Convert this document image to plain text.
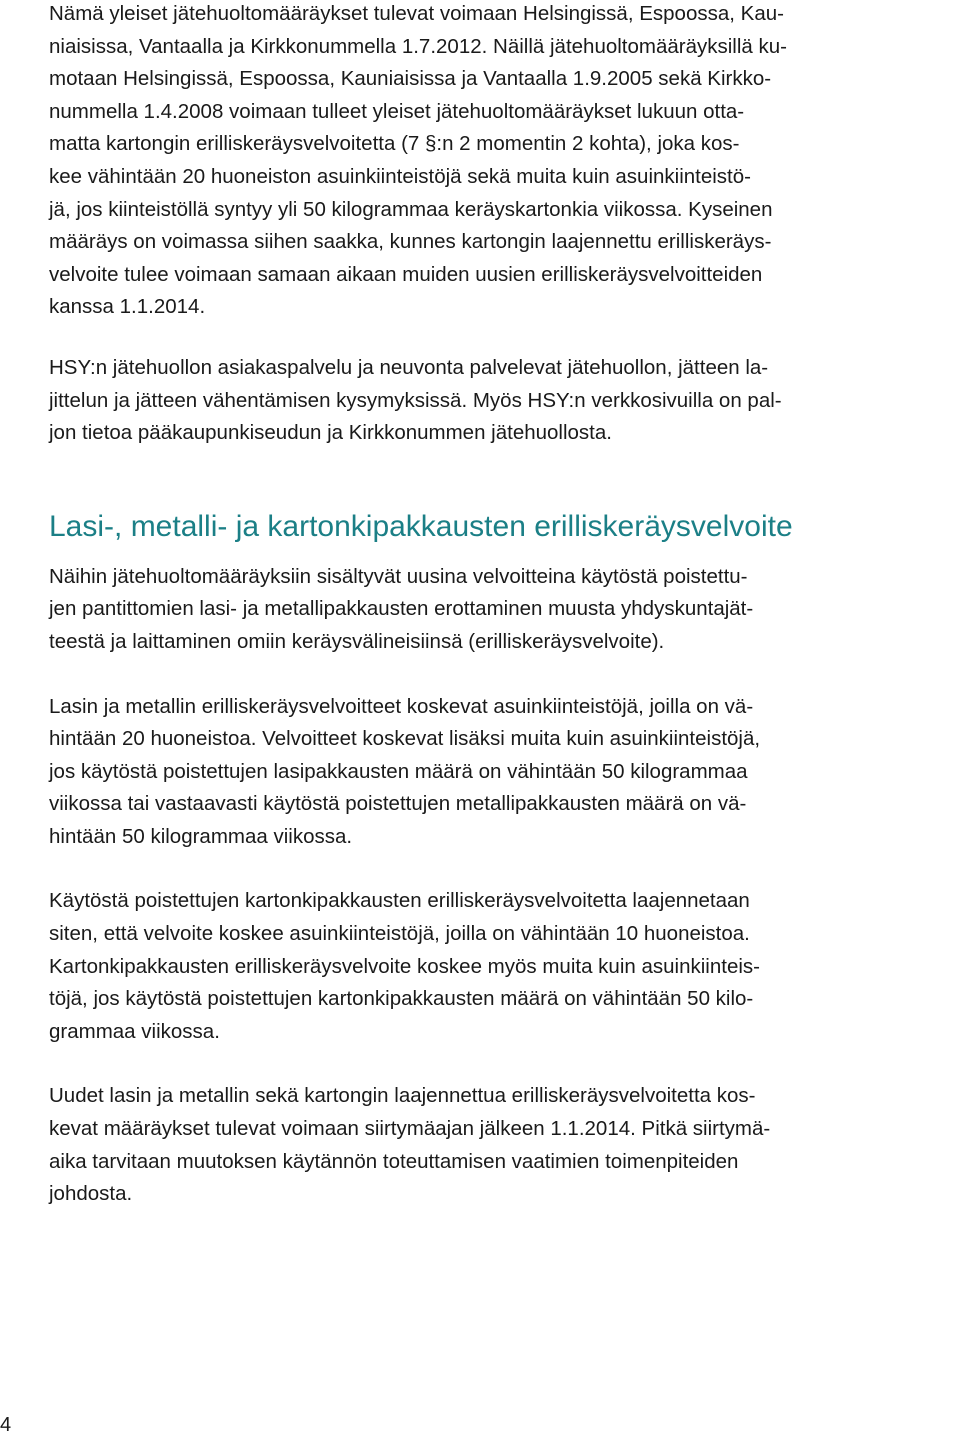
Nämä yleiset jätehuoltomääräykset tulevat voimaan Helsingissä, Espoossa, Kau-
niaisissa, Vantaalla ja Kirkkonummella 1.7.2012. Näillä jätehuoltomääräyksillä ku-
motaan Helsingissä, Espoossa, Kauniaisissa ja Vantaalla 1.9.2005 sekä Kirkko-
nummella 1.4.2008 voimaan tulleet yleiset jätehuoltomääräykset lukuun otta-
matta kartongin erilliskeräysvelvoitetta (7 §:n 2 momentin 2 kohta), joka kos-
kee vähintään 20 huoneiston asuinkiinteistöjä sekä muita kuin asuinkiinteistö-
jä, jos kiinteistöllä syntyy yli 50 kilogrammaa keräyskartonkia viikossa. Kyseinen
määräys on voimassa siihen saakka, kunnes kartongin laajennettu erilliskeräys-
velvoite tulee voimaan samaan aikaan muiden uusien erilliskeräysvelvoitteiden
kanssa 1.1.2014.

HSY:n jätehuollon asiakaspalvelu ja neuvonta palvelevat jätehuollon, jätteen la-
jittelun ja jätteen vähentämisen kysymyksissä. Myös HSY:n verkkosivuilla on pal-
jon tietoa pääkaupunkiseudun ja Kirkkonummen jätehuollosta.

Lasi-, metalli- ja kartonkipakkausten erilliskeräysvelvoite

Näihin jätehuoltomääräyksiin sisältyvät uusina velvoitteina käytöstä poistettu-
jen pantittomien lasi- ja metallipakkausten erottaminen muusta yhdyskuntajät-
teestä ja laittaminen omiin keräysvälineisiinsä (erilliskeräysvelvoite).

Lasin ja metallin erilliskeräysvelvoitteet koskevat asuinkiinteistöjä, joilla on vä-
hintään 20 huoneistoa. Velvoitteet koskevat lisäksi muita kuin asuinkiinteistöjä,
jos käytöstä poistettujen lasipakkausten määrä on vähintään 50 kilogrammaa
viikossa tai vastaavasti käytöstä poistettujen metallipakkausten määrä on vä-
hintään 50 kilogrammaa viikossa.

Käytöstä poistettujen kartonkipakkausten erilliskeräysvelvoitetta laajennetaan
siten, että velvoite koskee asuinkiinteistöjä, joilla on vähintään 10 huoneistoa.
Kartonkipakkausten erilliskeräysvelvoite koskee myös muita kuin asuinkiinteis-
töjä, jos käytöstä poistettujen kartonkipakkausten määrä on vähintään 50 kilo-
grammaa viikossa.

Uudet lasin ja metallin sekä kartongin laajennettua erilliskeräysvelvoitetta kos-
kevat määräykset tulevat voimaan siirtymäajan jälkeen 1.1.2014. Pitkä siirtymä-
aika tarvitaan muutoksen käytännön toteuttamisen vaatimien toimenpiteiden
johdosta.

4
